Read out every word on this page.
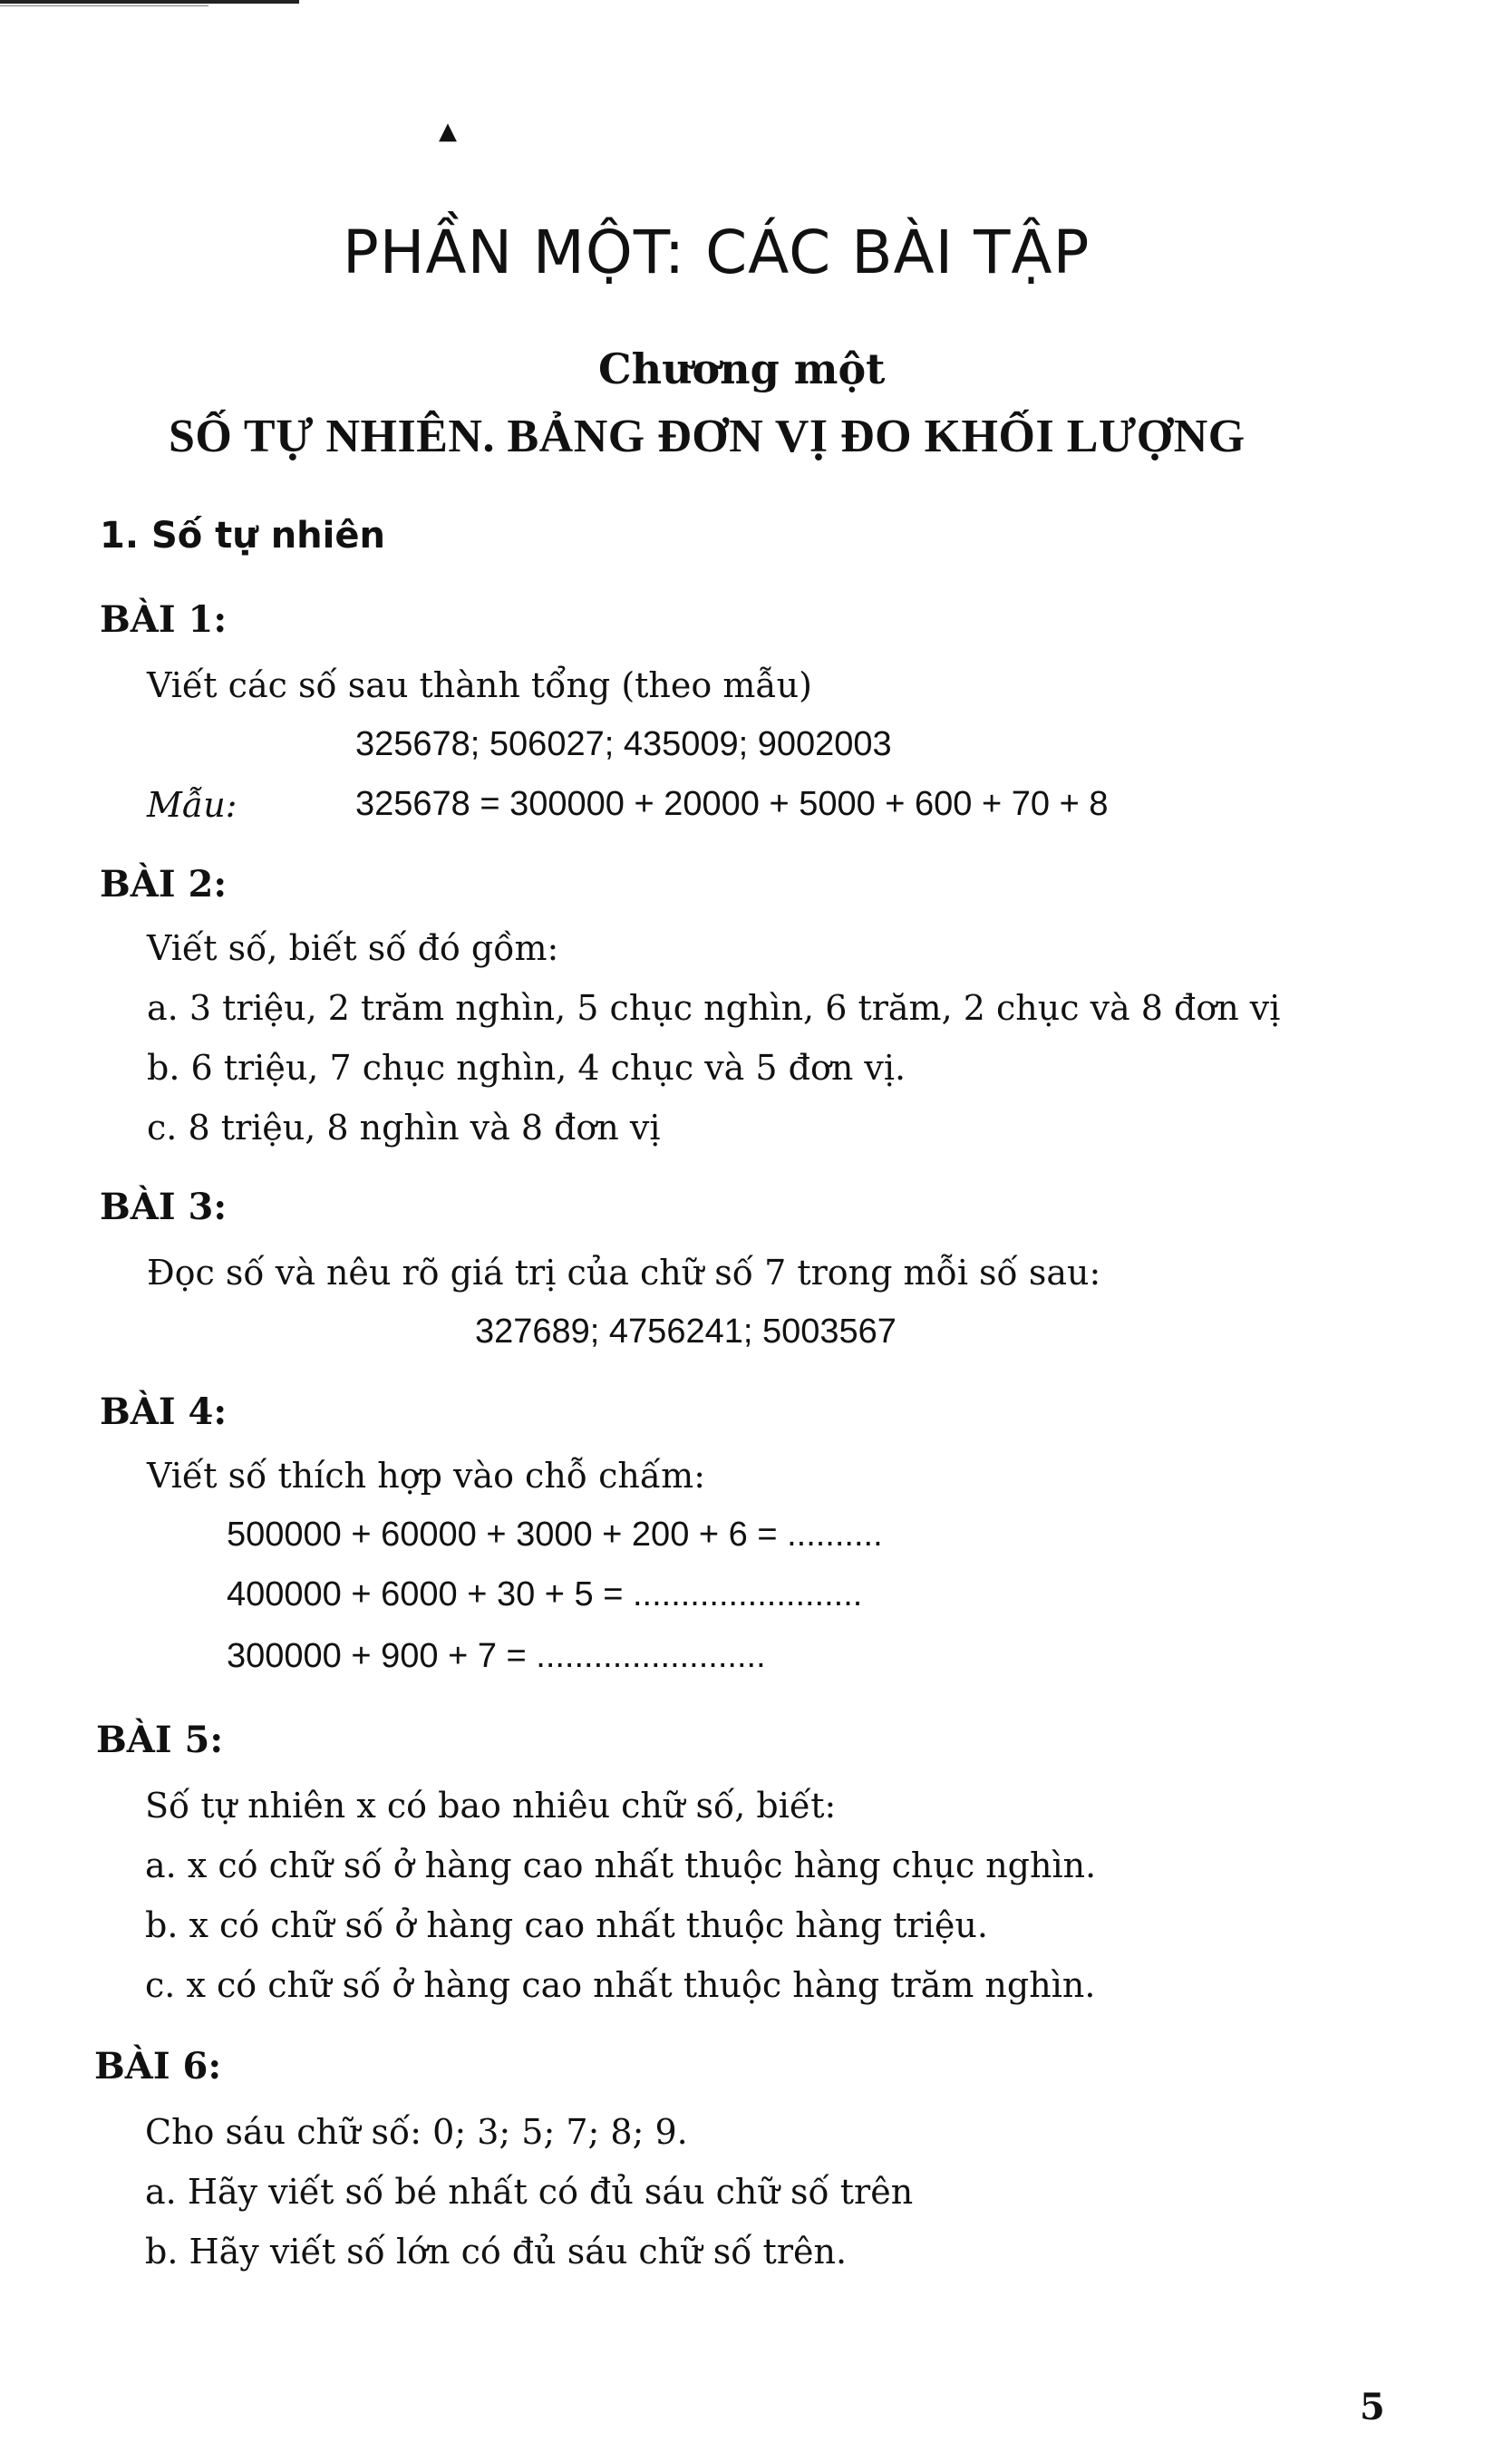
▲
PHẦN MỘT: CÁC BÀI TẬP
Chương một
SỐ TỰ NHIÊN. BẢNG ĐƠN VỊ ĐO KHỐI LƯỢNG
1. Số tự nhiên
BÀI 1:
Viết các số sau thành tổng (theo mẫu)
325678; 506027; 435009; 9002003
Mẫu:	325678 = 300000 + 20000 + 5000 + 600 + 70 + 8
BÀI 2:
Viết số, biết số đó gồm:
a. 3 triệu, 2 trăm nghìn, 5 chục nghìn, 6 trăm, 2 chục và 8 đơn vị
b. 6 triệu, 7 chục nghìn, 4 chục và 5 đơn vị.
c. 8 triệu, 8 nghìn và 8 đơn vị
BÀI 3:
Đọc số và nêu rõ giá trị của chữ số 7 trong mỗi số sau:
327689; 4756241; 5003567
BÀI 4:
Viết số thích hợp vào chỗ chấm:
500000 + 60000 + 3000 + 200 + 6 = ..........
400000 + 6000 + 30 + 5 = ........................
300000 + 900 + 7 = ........................
BÀI 5:
Số tự nhiên x có bao nhiêu chữ số, biết:
a. x có chữ số ở hàng cao nhất thuộc hàng chục nghìn.
b. x có chữ số ở hàng cao nhất thuộc hàng triệu.
c. x có chữ số ở hàng cao nhất thuộc hàng trăm nghìn.
BÀI 6:
Cho sáu chữ số: 0; 3; 5; 7; 8; 9.
a. Hãy viết số bé nhất có đủ sáu chữ số trên
b. Hãy viết số lớn có đủ sáu chữ số trên.
5
